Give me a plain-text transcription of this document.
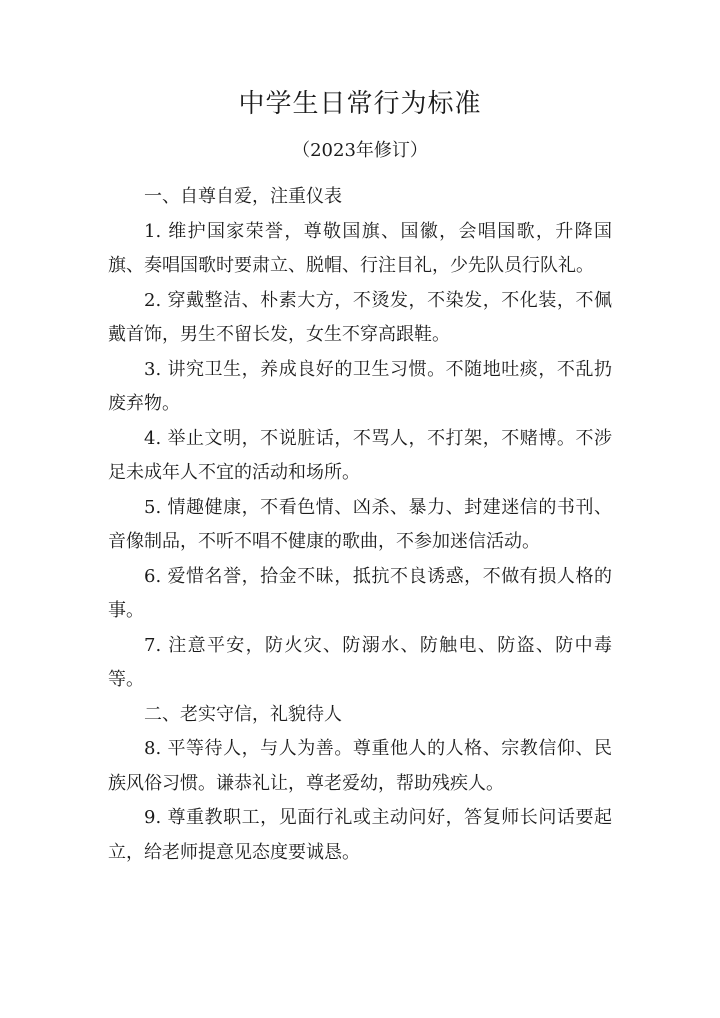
中学生日常行为标准

（2023年修订）

一、自尊自爱，注重仪表

1. 维护国家荣誉，尊敬国旗、国徽，会唱国歌，升降国旗、奏唱国歌时要肃立、脱帽、行注目礼，少先队员行队礼。

2. 穿戴整洁、朴素大方，不烫发，不染发，不化装，不佩戴首饰，男生不留长发，女生不穿高跟鞋。

3. 讲究卫生，养成良好的卫生习惯。不随地吐痰，不乱扔废弃物。

4. 举止文明，不说脏话，不骂人，不打架，不赌博。不涉足未成年人不宜的活动和场所。

5. 情趣健康，不看色情、凶杀、暴力、封建迷信的书刊、音像制品，不听不唱不健康的歌曲，不参加迷信活动。

6. 爱惜名誉，拾金不昧，抵抗不良诱惑，不做有损人格的事。

7. 注意平安，防火灾、防溺水、防触电、防盗、防中毒等。

二、老实守信，礼貌待人

8. 平等待人，与人为善。尊重他人的人格、宗教信仰、民族风俗习惯。谦恭礼让，尊老爱幼，帮助残疾人。

9. 尊重教职工，见面行礼或主动问好，答复师长问话要起立，给老师提意见态度要诚恳。
